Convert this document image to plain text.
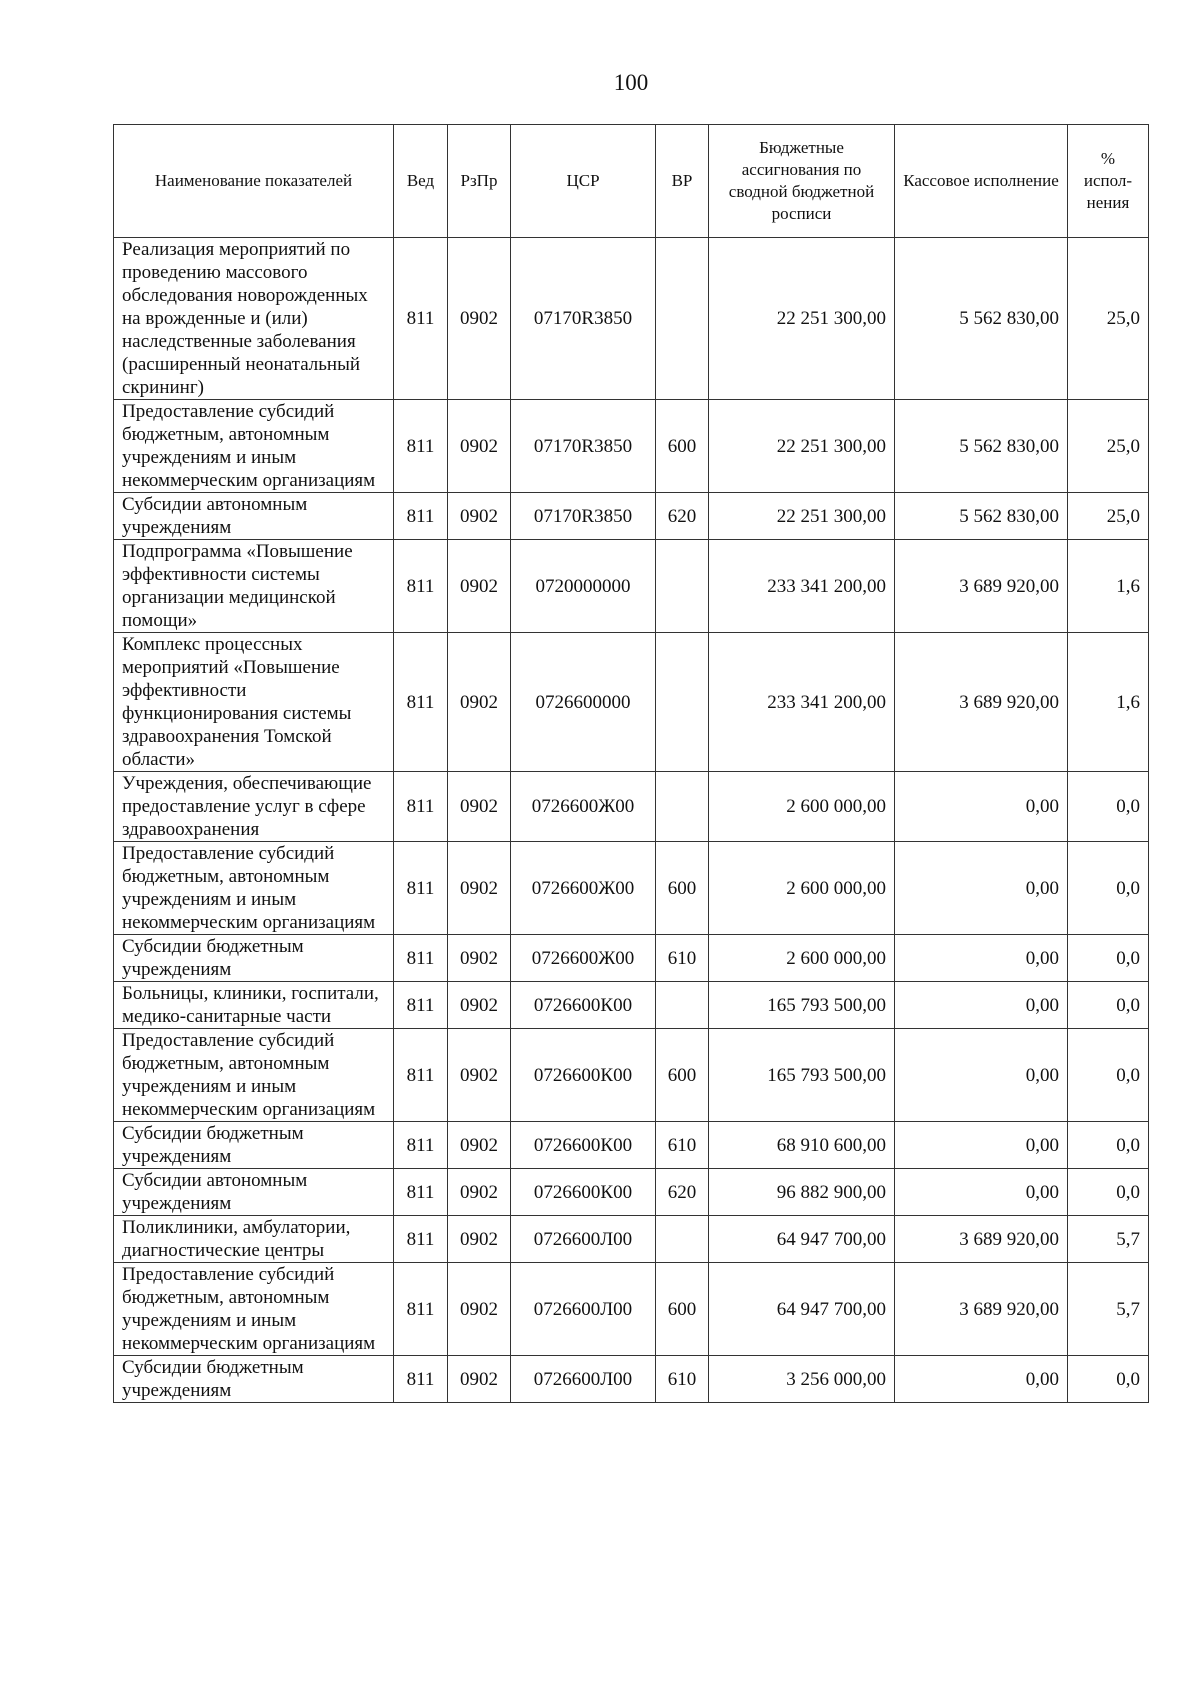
100
Наименование показателей	Вед	РзПр	ЦСР	ВР	Бюджетные ассигнования по сводной бюджетной росписи	Кассовое исполнение	% испол-нения
Реализация мероприятий по проведению массового обследования новорожденных на врожденные и (или) наследственные заболевания (расширенный неонатальный скрининг)	811	0902	07170R3850		22 251 300,00	5 562 830,00	25,0
Предоставление субсидий бюджетным, автономным учреждениям и иным некоммерческим организациям	811	0902	07170R3850	600	22 251 300,00	5 562 830,00	25,0
Субсидии автономным учреждениям	811	0902	07170R3850	620	22 251 300,00	5 562 830,00	25,0
Подпрограмма «Повышение эффективности системы организации медицинской помощи»	811	0902	0720000000		233 341 200,00	3 689 920,00	1,6
Комплекс процессных мероприятий «Повышение эффективности функционирования системы здравоохранения Томской области»	811	0902	0726600000		233 341 200,00	3 689 920,00	1,6
Учреждения, обеспечивающие предоставление услуг в сфере здравоохранения	811	0902	0726600Ж00		2 600 000,00	0,00	0,0
Предоставление субсидий бюджетным, автономным учреждениям и иным некоммерческим организациям	811	0902	0726600Ж00	600	2 600 000,00	0,00	0,0
Субсидии бюджетным учреждениям	811	0902	0726600Ж00	610	2 600 000,00	0,00	0,0
Больницы, клиники, госпитали, медико-санитарные части	811	0902	0726600К00		165 793 500,00	0,00	0,0
Предоставление субсидий бюджетным, автономным учреждениям и иным некоммерческим организациям	811	0902	0726600К00	600	165 793 500,00	0,00	0,0
Субсидии бюджетным учреждениям	811	0902	0726600К00	610	68 910 600,00	0,00	0,0
Субсидии автономным учреждениям	811	0902	0726600К00	620	96 882 900,00	0,00	0,0
Поликлиники, амбулатории, диагностические центры	811	0902	0726600Л00		64 947 700,00	3 689 920,00	5,7
Предоставление субсидий бюджетным, автономным учреждениям и иным некоммерческим организациям	811	0902	0726600Л00	600	64 947 700,00	3 689 920,00	5,7
Субсидии бюджетным учреждениям	811	0902	0726600Л00	610	3 256 000,00	0,00	0,0
